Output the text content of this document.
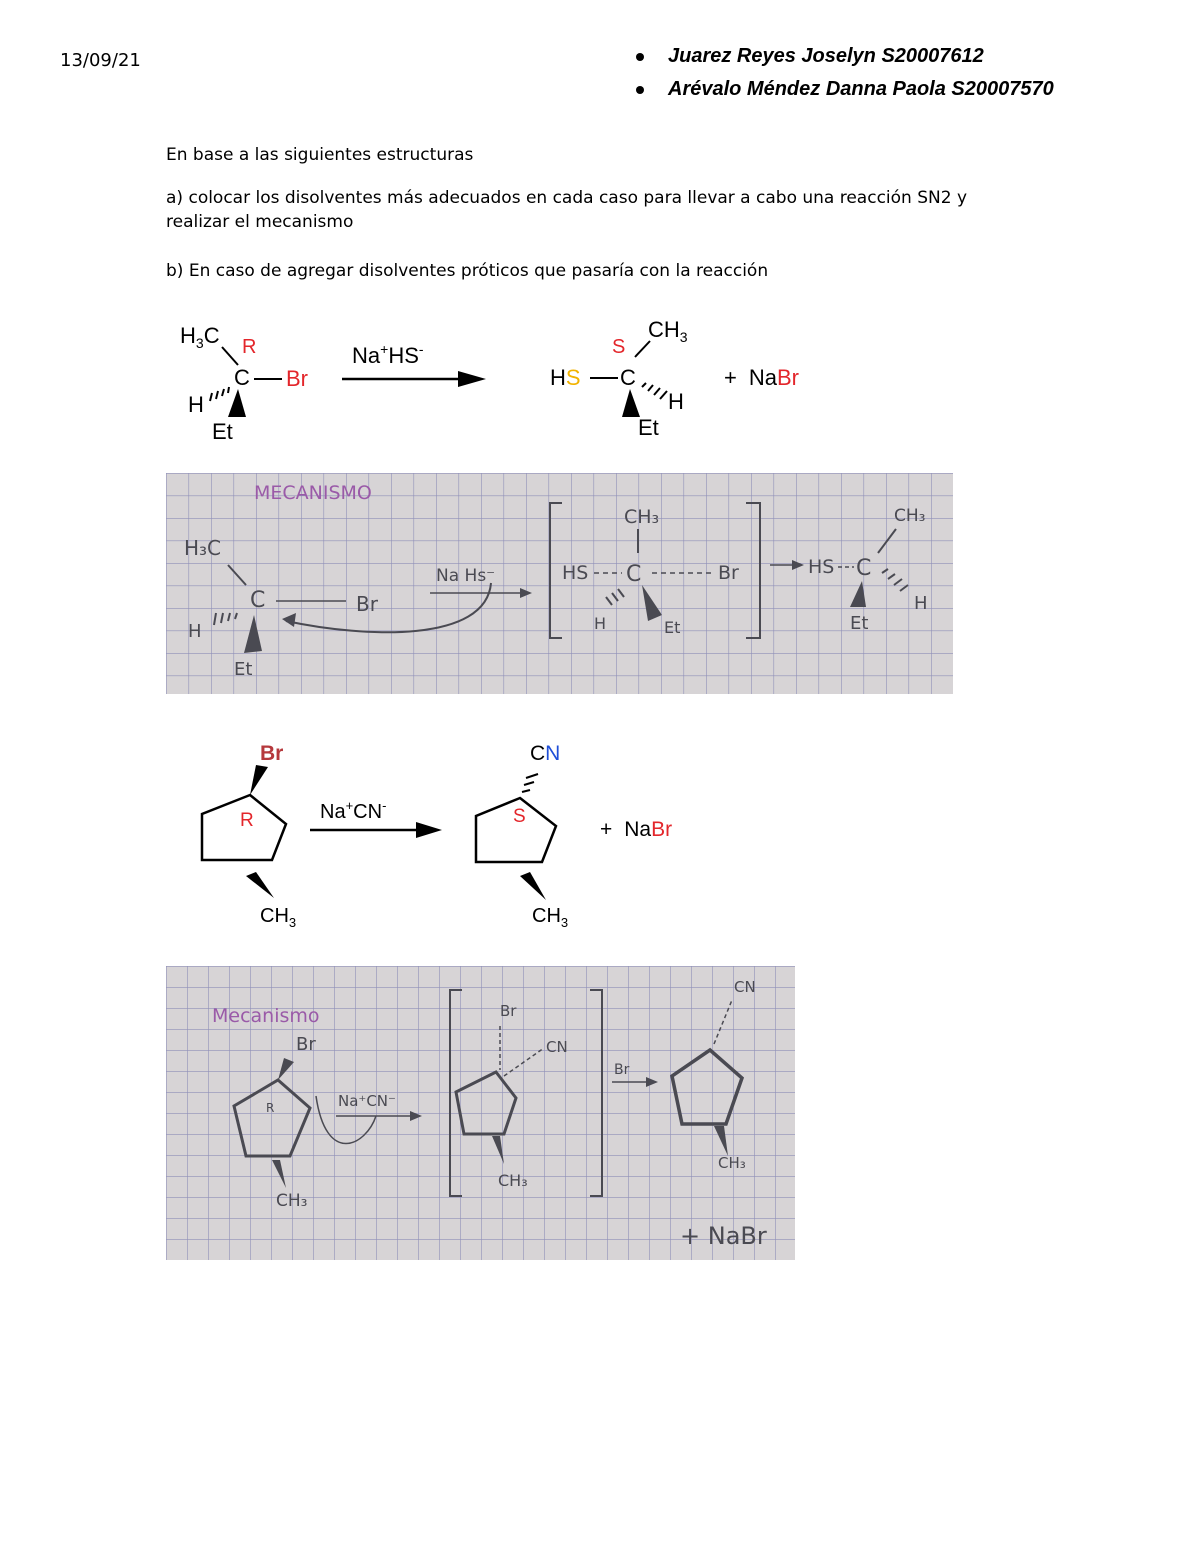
13/09/21	Juarez Reyes Joselyn S20007612
Arévalo Méndez Danna Paola S20007570
En base a las siguientes estructuras
a) colocar los disolventes más adecuados en cada caso para llevar a cabo una reacción SN2 y realizar el mecanismo
b) En caso de agregar disolventes próticos que pasaría con la reacción
$H_3C$ R
C Br
H
Et
Na+HS-	S
$CH_3$
HS C
H
Et
+ NaBr
MECANISMO
H₃C
C	Br
H
Et
Na Hs⁻
CH₃
HS C	Br
H	Et
CH₃
HS C
H
Et
Br
R
$CH_3$
Na+CN-
CN
S
$CH_3$
+ NaBr
Mecanismo
Br
R
CH₃
Na⁺CN⁻
Br
CN
CH₃
Br
CN
CH₃
+ NaBr
